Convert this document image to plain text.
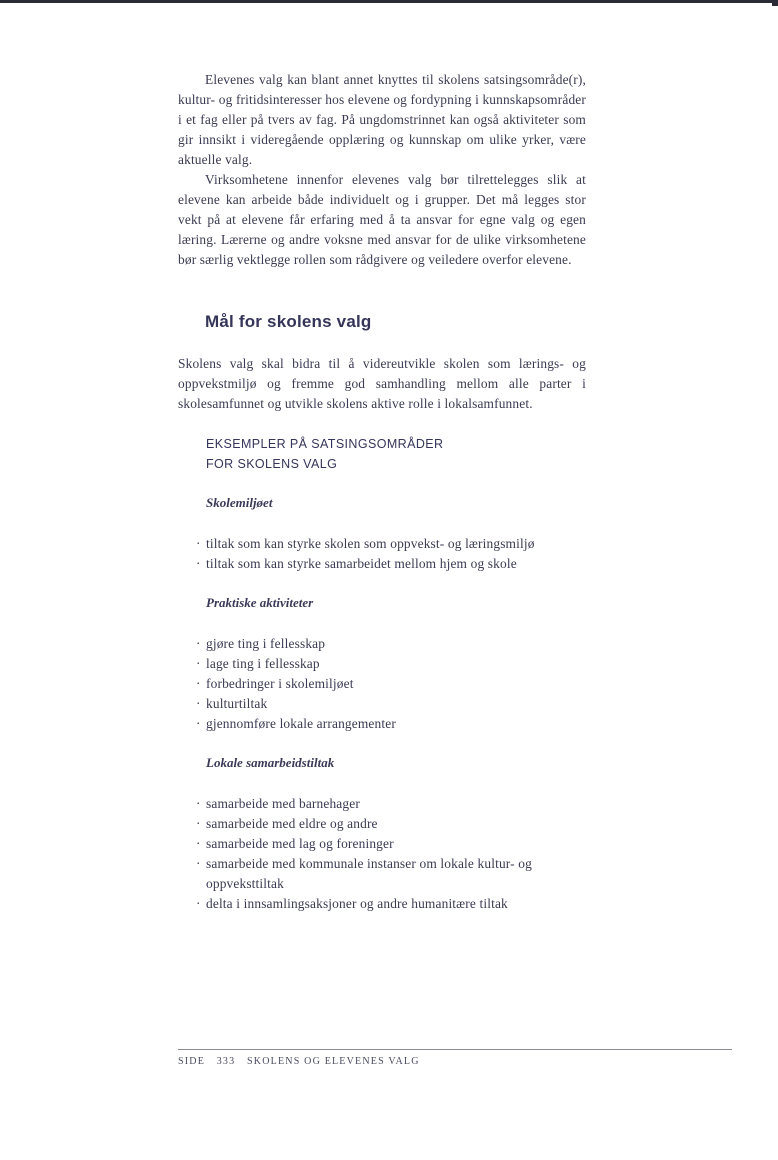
Elevenes valg kan blant annet knyttes til skolens satsingsområde(r), kultur- og fritidsinteresser hos elevene og fordypning i kunnskapsområder i et fag eller på tvers av fag. På ungdomstrinnet kan også aktiviteter som gir innsikt i videregående opplæring og kunnskap om ulike yrker, være aktuelle valg.

Virksomhetene innenfor elevenes valg bør tilrettelegges slik at elevene kan arbeide både individuelt og i grupper. Det må legges stor vekt på at elevene får erfaring med å ta ansvar for egne valg og egen læring. Lærerne og andre voksne med ansvar for de ulike virksomhetene bør særlig vektlegge rollen som rådgivere og veiledere overfor elevene.

Mål for skolens valg

Skolens valg skal bidra til å videreutvikle skolen som lærings- og oppvekstmiljø og fremme god samhandling mellom alle parter i skolesamfunnet og utvikle skolens aktive rolle i lokalsamfunnet.

EKSEMPLER PÅ SATSINGSOMRÅDER
FOR SKOLENS VALG
Skolemiljøet
· tiltak som kan styrke skolen som oppvekst- og læringsmiljø
· tiltak som kan styrke samarbeidet mellom hjem og skole
Praktiske aktiviteter
· gjøre ting i fellesskap
· lage ting i fellesskap
· forbedringer i skolemiljøet
· kulturtiltak
· gjennomføre lokale arrangementer
Lokale samarbeidstiltak
· samarbeide med barnehager
· samarbeide med eldre og andre
· samarbeide med lag og foreninger
· samarbeide med kommunale instanser om lokale kultur- og oppveksttiltak
· delta i innsamlingsaksjoner og andre humanitære tiltak
SIDE 333 SKOLENS OG ELEVENES VALG
